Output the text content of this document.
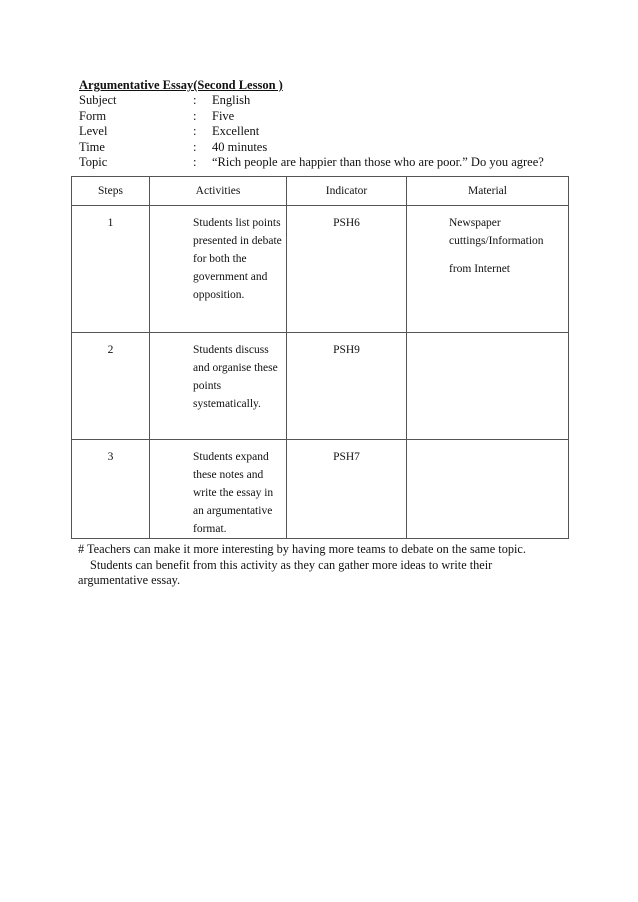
Argumentative Essay(Second Lesson )
Subject	: English
Form	: Five
Level	: Excellent
Time	: 40 minutes
Topic	: “Rich people are happier than those who are poor.” Do you agree?
Steps	Activities	Indicator	Material

1	Students list points presented in debate for both the government and opposition.	PSH6	Newspaper
cuttings/Information
from Internet

2	Students discuss and organise these points systematically.	PSH9	

3	Students expand these notes and write the essay in an argumentative format.	PSH7	

# Teachers can make it more interesting by having more teams to debate on the same topic.
Students can benefit from this activity as they can gather more ideas to write their
argumentative essay.
